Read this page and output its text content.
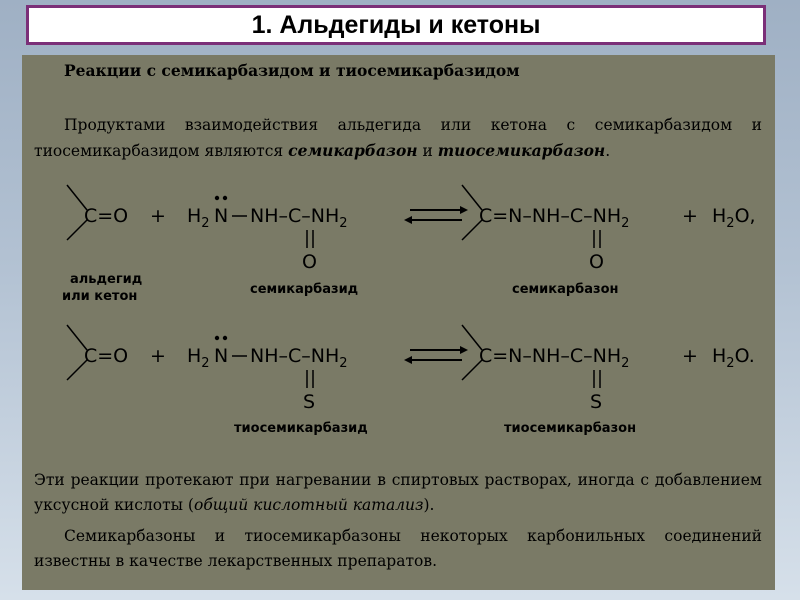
1. Альдегиды и кетоны
Реакции с семикарбазидом и тиосемикарбазидом
Продуктами взаимодействия альдегида или кетона с семикарбазидом и тиосемикарбазидом являются семикарбазон и тиосемикарбазон.
$C=O + H_2$ N $NH-C-NH_2$
O
$C=N-NH-C-NH_2$
O
+ $H_2O$,
альдегид
или кетон	семикарбазид	семикарбазон
$C=O + H_2$ N $NH-C-NH_2$
S
$C=N-NH-C-NH_2$
S
+ $H_2O$.
тиосемикарбазид	тиосемикарбазон
Эти реакции протекают при нагревании в спиртовых растворах, иногда с добавлением уксусной кислоты (общий кислотный катализ).
Семикарбазоны и тиосемикарбазоны некоторых карбонильных соединений известны в качестве лекарственных препаратов.
